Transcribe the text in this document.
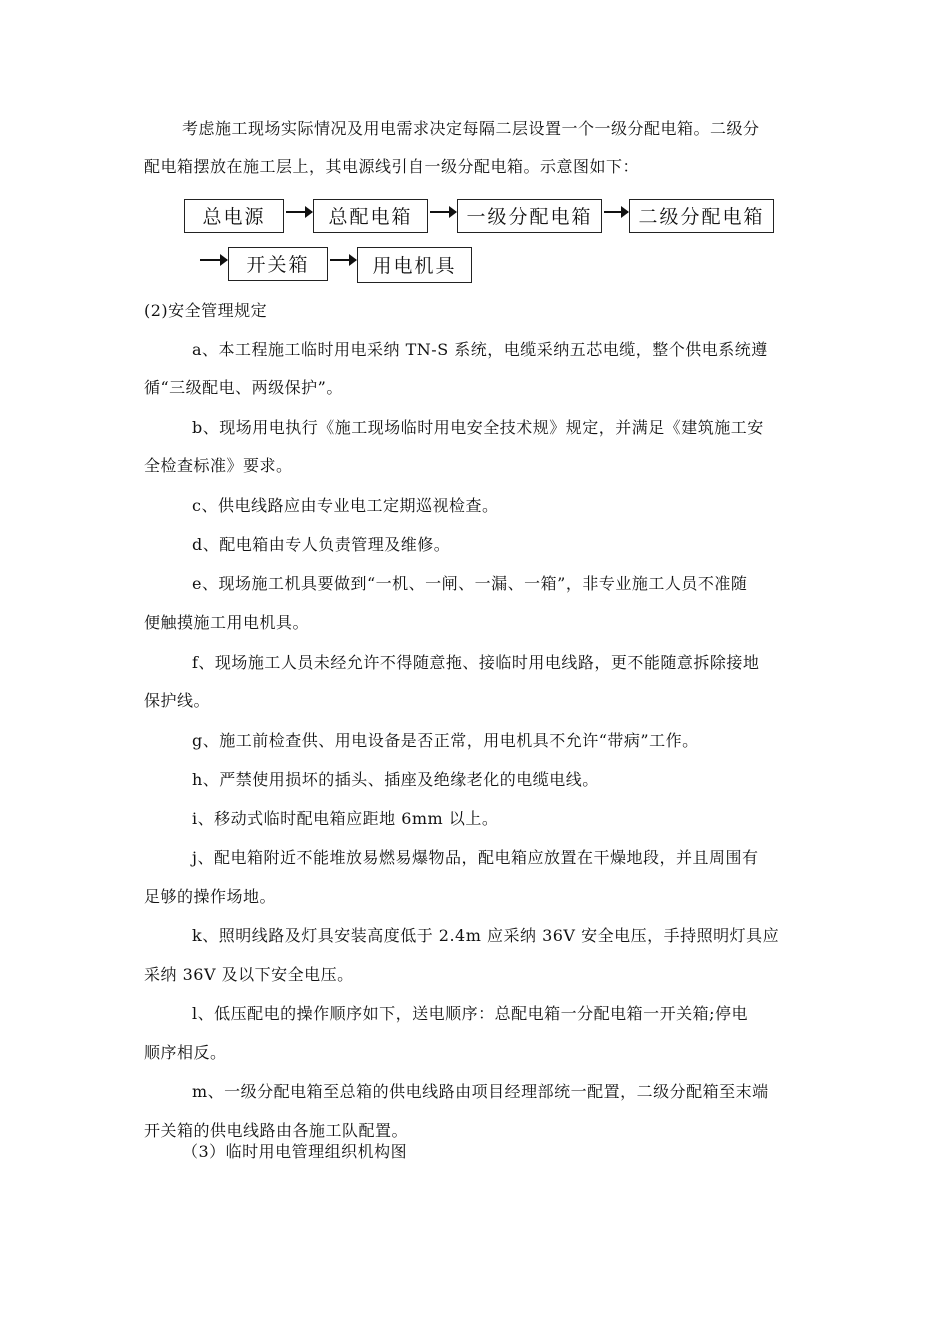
考虑施工现场实际情况及用电需求决定每隔二层设置一个一级分配电箱。二级分
配电箱摆放在施工层上，其电源线引自一级分配电箱。示意图如下：
总电源	总配电箱	一级分配电箱	二级分配电箱
开关箱	用电机具
(2)安全管理规定
a、本工程施工临时用电采纳 TN-S 系统，电缆采纳五芯电缆，整个供电系统遵
循“三级配电、两级保护”。
b、现场用电执行《施工现场临时用电安全技术规》规定，并满足《建筑施工安
全检查标准》要求。
c、供电线路应由专业电工定期巡视检查。
d、配电箱由专人负责管理及维修。
e、现场施工机具要做到“一机、一闸、一漏、一箱”，非专业施工人员不准随
便触摸施工用电机具。
f、现场施工人员未经允许不得随意拖、接临时用电线路，更不能随意拆除接地
保护线。
g、施工前检查供、用电设备是否正常，用电机具不允许“带病”工作。
h、严禁使用损坏的插头、插座及绝缘老化的电缆电线。
i、移动式临时配电箱应距地 6mm 以上。
j、配电箱附近不能堆放易燃易爆物品，配电箱应放置在干燥地段，并且周围有
足够的操作场地。
k、照明线路及灯具安装高度低于 2.4m 应采纳 36V 安全电压，手持照明灯具应
采纳 36V 及以下安全电压。
l、低压配电的操作顺序如下，送电顺序：总配电箱一分配电箱一开关箱;停电
顺序相反。
m、一级分配电箱至总箱的供电线路由项目经理部统一配置，二级分配箱至末端
开关箱的供电线路由各施工队配置。
（3）临时用电管理组织机构图
